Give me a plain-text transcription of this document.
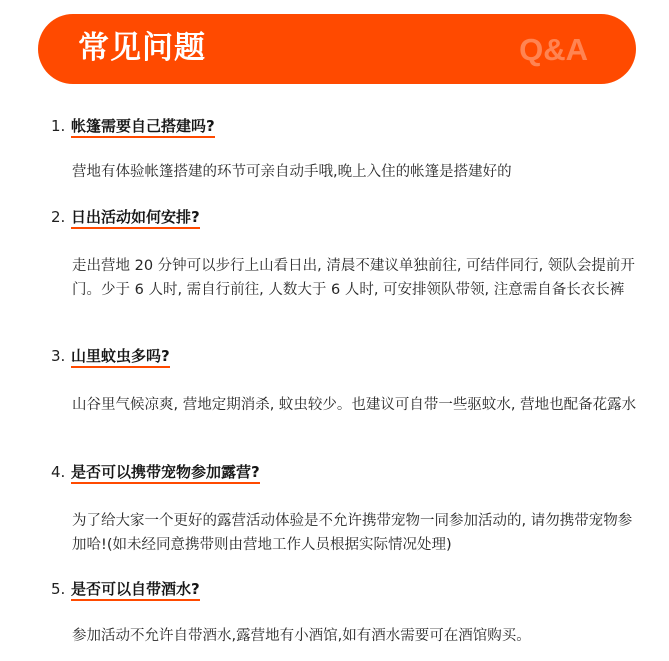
常见问题	Q&A
1. 帐篷需要自己搭建吗?
营地有体验帐篷搭建的环节可亲自动手哦,晚上入住的帐篷是搭建好的
2. 日出活动如何安排?
走出营地 20 分钟可以步行上山看日出, 清晨不建议单独前往, 可结伴同行, 领队会提前开门。少于 6 人时, 需自行前往, 人数大于 6 人时, 可安排领队带领, 注意需自备长衣长裤
3. 山里蚊虫多吗?
山谷里气候凉爽, 营地定期消杀, 蚊虫较少。也建议可自带一些驱蚊水, 营地也配备花露水
4. 是否可以携带宠物参加露营?
为了给大家一个更好的露营活动体验是不允许携带宠物一同参加活动的, 请勿携带宠物参加哈!(如未经同意携带则由营地工作人员根据实际情况处理)
5. 是否可以自带酒水?
参加活动不允许自带酒水,露营地有小酒馆,如有酒水需要可在酒馆购买。
